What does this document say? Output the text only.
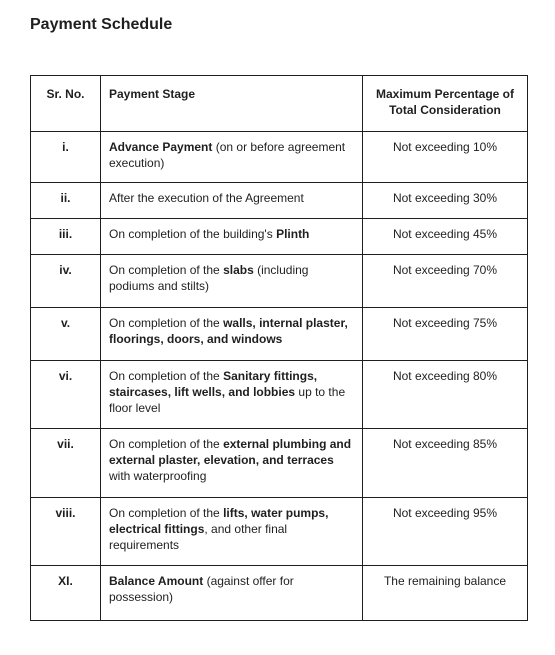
Payment Schedule
Sr. No.	Payment Stage	Maximum Percentage of
Total Consideration

i.	Advance Payment (on or before agreement execution)	Not exceeding 10%

ii.	After the execution of the Agreement	Not exceeding 30%

iii.	On completion of the building's Plinth	Not exceeding 45%

iv.	On completion of the slabs (including podiums and stilts)	Not exceeding 70%

v.	On completion of the walls, internal plaster, floorings, doors, and windows	Not exceeding 75%

vi.	On completion of the Sanitary fittings, staircases, lift wells, and lobbies up to the floor level	Not exceeding 80%

vii.	On completion of the external plumbing and external plaster, elevation, and terraces with waterproofing	Not exceeding 85%

viii.	On completion of the lifts, water pumps, electrical fittings, and other final requirements	Not exceeding 95%

XI.	Balance Amount (against offer for possession)	The remaining balance
